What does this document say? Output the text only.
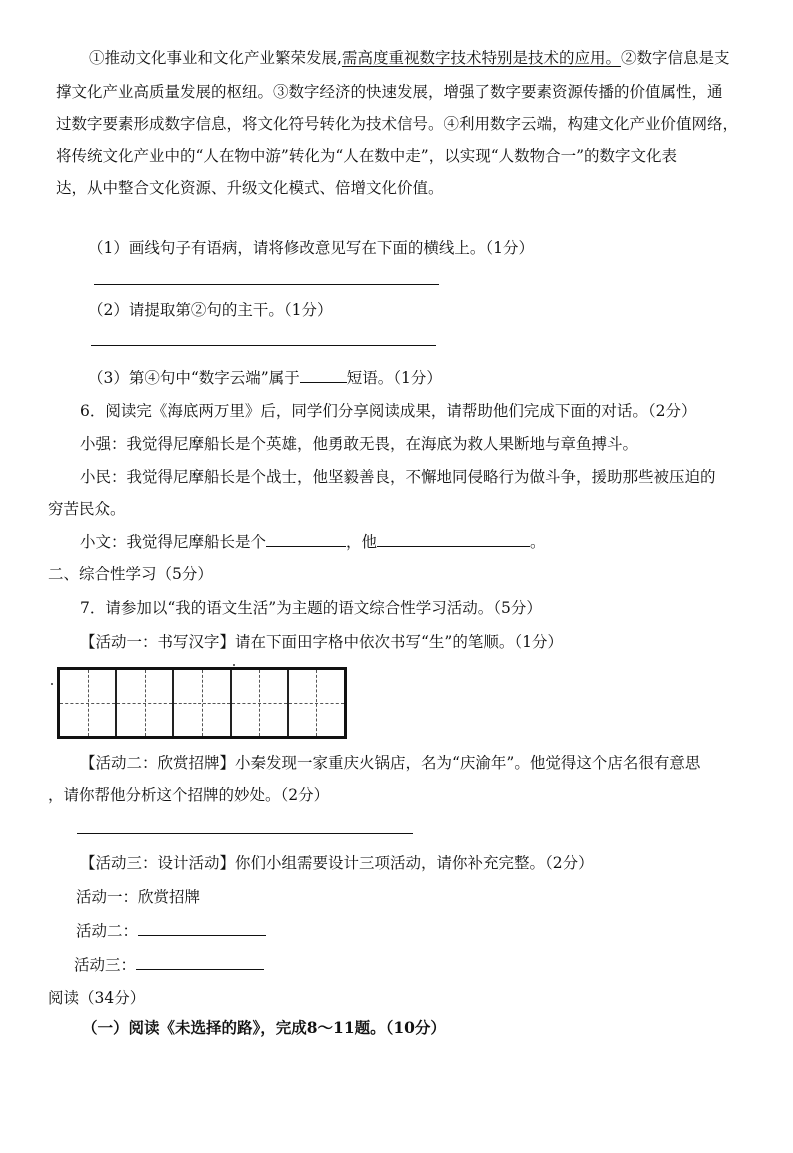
①推动文化事业和文化产业繁荣发展,需高度重视数字技术特别是技术的应用。②数字信息是支
撑文化产业高质量发展的枢纽。③数字经济的快速发展，增强了数字要素资源传播的价值属性，通
过数字要素形成数字信息，将文化符号转化为技术信号。④利用数字云端，构建文化产业价值网络，
将传统文化产业中的“人在物中游”转化为“人在数中走”，以实现“人数物合一”的数字文化表
达，从中整合文化资源、升级文化模式、倍增文化价值。
（1）画线句子有语病，请将修改意见写在下面的横线上。（1分）
（2）请提取第②句的主干。（1分）
（3）第④句中“数字云端”属于	短语。（1分）
6．阅读完《海底两万里》后，同学们分享阅读成果，请帮助他们完成下面的对话。（2分）
小强：我觉得尼摩船长是个英雄，他勇敢无畏，在海底为救人果断地与章鱼搏斗。
小民：我觉得尼摩船长是个战士，他坚毅善良，不懈地同侵略行为做斗争，援助那些被压迫的
穷苦民众。
小文：我觉得尼摩船长是个	，他	。
二、综合性学习（5分）
7．请参加以“我的语文生活”为主题的语文综合性学习活动。（5分）
【活动一：书写汉字】请在下面田字格中依次书写“生”的笔顺。（1分）
【活动二：欣赏招牌】小秦发现一家重庆火锅店，名为“庆渝年”。他觉得这个店名很有意思
，请你帮他分析这个招牌的妙处。（2分）
【活动三：设计活动】你们小组需要设计三项活动，请你补充完整。（2分）
活动一：欣赏招牌
活动二：
活动三：
阅读（34分）
（一）阅读《未选择的路》，完成8～11题。（10分）
